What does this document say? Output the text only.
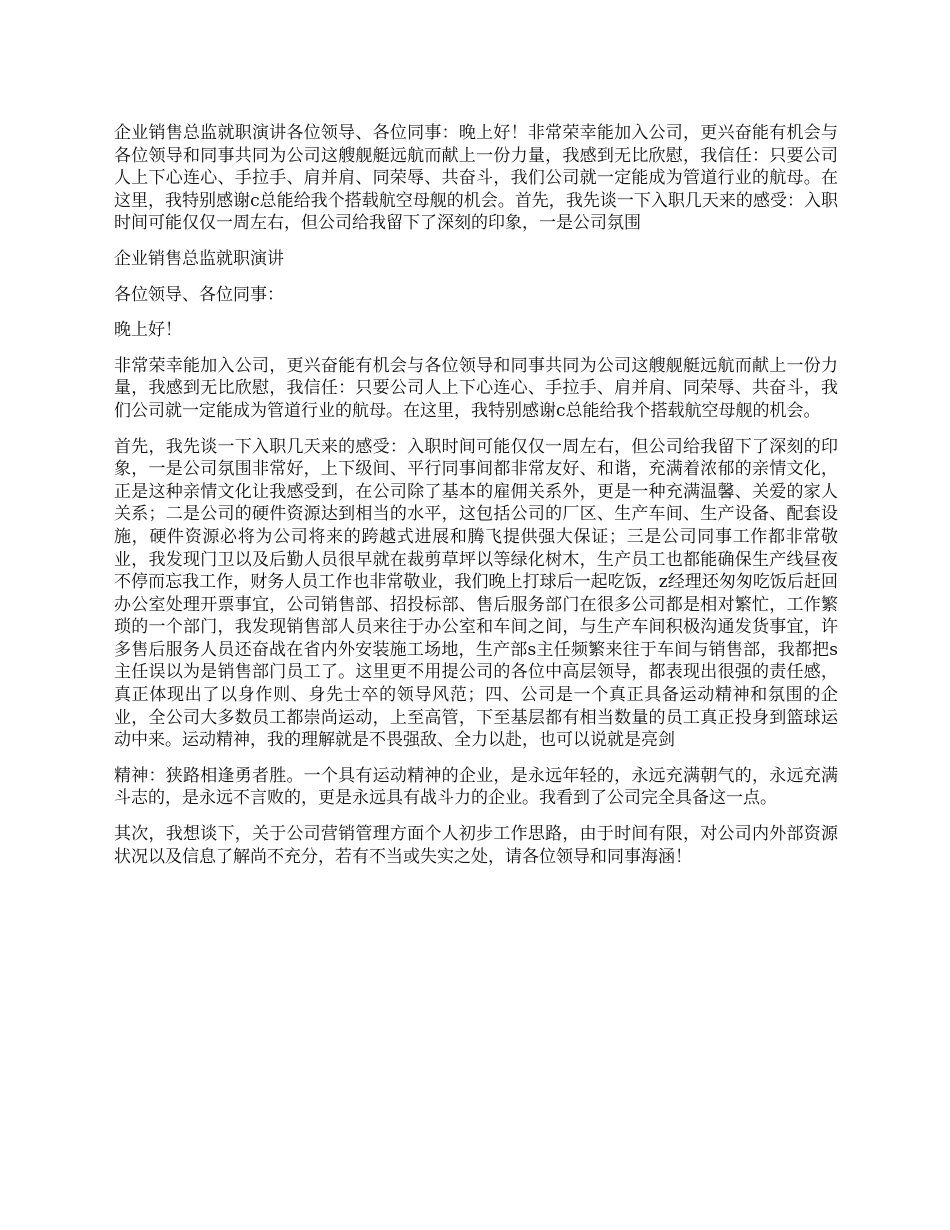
企业销售总监就职演讲各位领导、各位同事：晚上好！非常荣幸能加入公司，更兴奋能有机会与各位领导和同事共同为公司这艘舰艇远航而献上一份力量，我感到无比欣慰，我信任：只要公司人上下心连心、手拉手、肩并肩、同荣辱、共奋斗，我们公司就一定能成为管道行业的航母。在这里，我特别感谢c总能给我个搭载航空母舰的机会。首先，我先谈一下入职几天来的感受：入职时间可能仅仅一周左右，但公司给我留下了深刻的印象，一是公司氛围

企业销售总监就职演讲

各位领导、各位同事：

晚上好！

非常荣幸能加入公司，更兴奋能有机会与各位领导和同事共同为公司这艘舰艇远航而献上一份力量，我感到无比欣慰，我信任：只要公司人上下心连心、手拉手、肩并肩、同荣辱、共奋斗，我们公司就一定能成为管道行业的航母。在这里，我特别感谢c总能给我个搭载航空母舰的机会。

首先，我先谈一下入职几天来的感受：入职时间可能仅仅一周左右，但公司给我留下了深刻的印象，一是公司氛围非常好，上下级间、平行同事间都非常友好、和谐，充满着浓郁的亲情文化，正是这种亲情文化让我感受到，在公司除了基本的雇佣关系外，更是一种充满温馨、关爱的家人关系；二是公司的硬件资源达到相当的水平，这包括公司的厂区、生产车间、生产设备、配套设施，硬件资源必将为公司将来的跨越式进展和腾飞提供强大保证；三是公司同事工作都非常敬业，我发现门卫以及后勤人员很早就在裁剪草坪以等绿化树木，生产员工也都能确保生产线昼夜不停而忘我工作，财务人员工作也非常敬业，我们晚上打球后一起吃饭，z经理还匆匆吃饭后赶回办公室处理开票事宜，公司销售部、招投标部、售后服务部门在很多公司都是相对繁忙，工作繁琐的一个部门，我发现销售部人员来往于办公室和车间之间，与生产车间积极沟通发货事宜，许多售后服务人员还奋战在省内外安装施工场地，生产部s主任频繁来往于车间与销售部，我都把s主任误以为是销售部门员工了。这里更不用提公司的各位中高层领导，都表现出很强的责任感，真正体现出了以身作则、身先士卒的领导风范；四、公司是一个真正具备运动精神和氛围的企业，全公司大多数员工都崇尚运动，上至高管，下至基层都有相当数量的员工真正投身到篮球运动中来。运动精神，我的理解就是不畏强敌、全力以赴，也可以说就是亮剑

精神：狭路相逢勇者胜。一个具有运动精神的企业，是永远年轻的，永远充满朝气的，永远充满斗志的，是永远不言败的，更是永远具有战斗力的企业。我看到了公司完全具备这一点。

其次，我想谈下，关于公司营销管理方面个人初步工作思路，由于时间有限，对公司内外部资源状况以及信息了解尚不充分，若有不当或失实之处，请各位领导和同事海涵！
